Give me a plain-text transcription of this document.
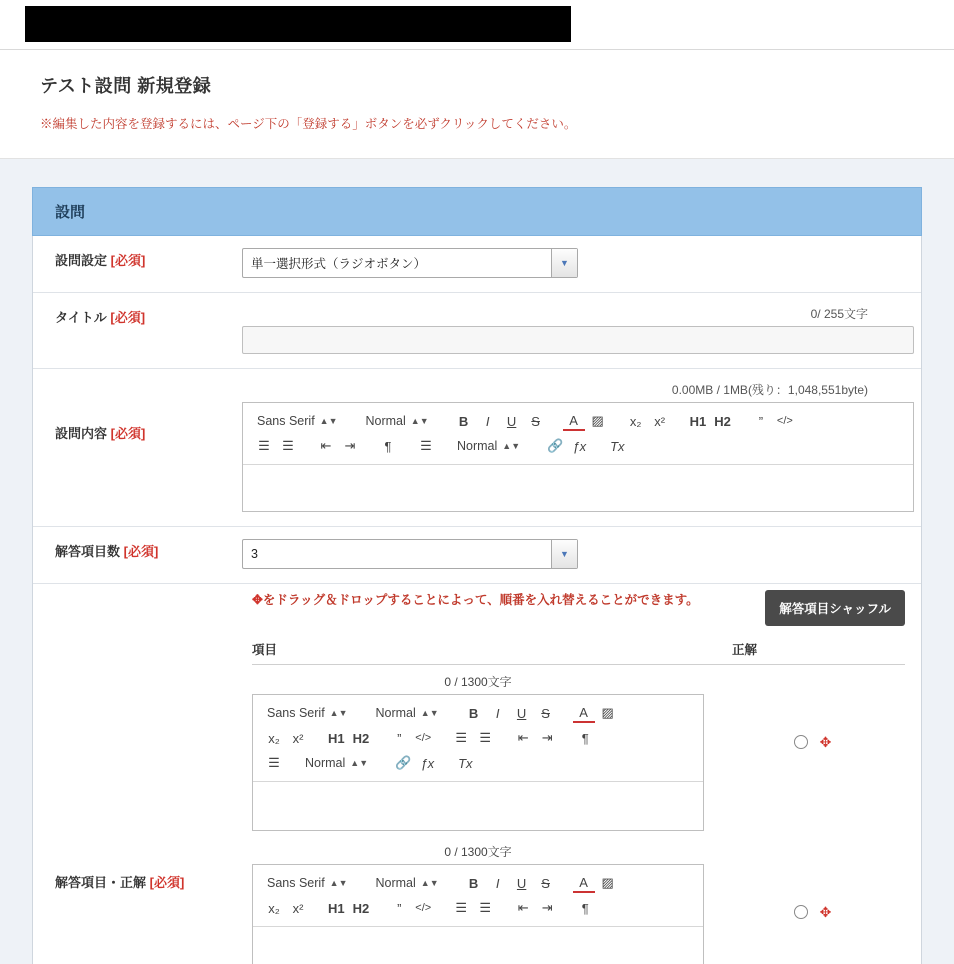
テスト設問 新規登録

※編集した内容を登録するには、ページ下の「登録する」ボタンを必ずクリックしてください。

設問
設問設定 [必須]	単一選択形式（ラジオボタン）	▼
タイトル [必須]	0/ 255文字
設問内容 [必須]
0.00MB / 1MB(残り：1,048,551byte)
Sans Serif ▲▼ Normal ▲▼	B	I	U	S	A	▨	x₂ x²	H1 H2	”	</>
☰ ☰	⇤	⇥	¶	☰	Normal ▲▼ 🔗 ƒx	Tx
解答項目数 [必須]	3	▼
解答項目・正解 [必須]
✥をドラッグ＆ドロップすることによって、順番を入れ替えることができます。
解答項目シャッフル
項目	正解
0 / 1300文字
Sans Serif ▲▼ Normal ▲▼	B	I	U	S	A	▨
x₂ x²	H1 H2	”	</>	☰ ☰	⇤	⇥	¶
☰	Normal ▲▼ 🔗 ƒx	Tx
✥
0 / 1300文字
Sans Serif ▲▼ Normal ▲▼	B	I	U	S	A	▨
x₂ x²	H1 H2	”	</>	☰ ☰	⇤	⇥	¶	✥
